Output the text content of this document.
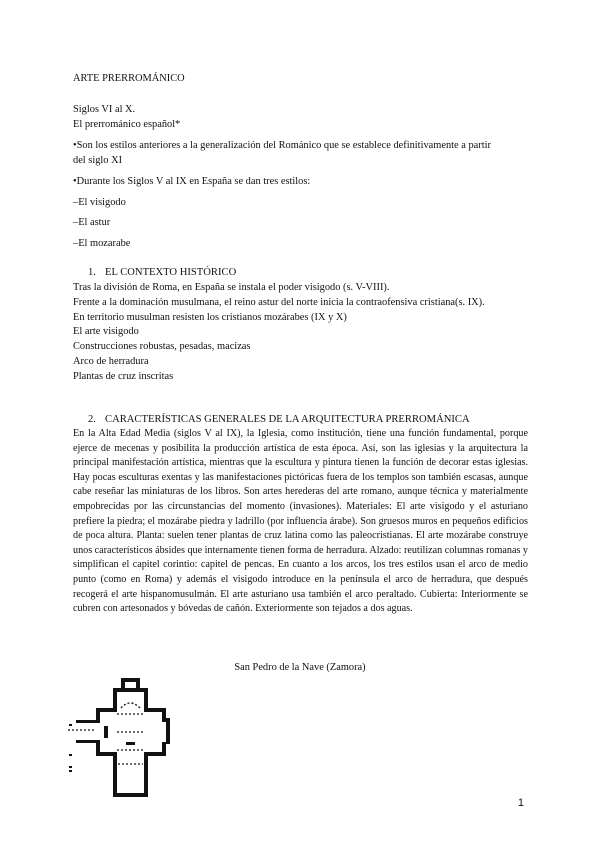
ARTE PRERROMÁNICO
Siglos VI al X.
El prerrománico español*
•Son los estilos anteriores a la generalización del Románico que se establece definitivamente a partir
del siglo XI
•Durante los Siglos V al IX en España se dan tres estilos:
–El visigodo
–El astur
–El mozarabe
1. EL CONTEXTO HISTÓRICO
Tras la división de Roma, en España se instala el poder visigodo (s. V-VIII).
Frente a la dominación musulmana, el reino astur del norte inicia la contraofensiva cristiana(s. IX).
En territorio musulman resisten los cristianos mozárabes (IX y X)
El arte visigodo
Construcciones robustas, pesadas, macizas
Arco de herradura
Plantas de cruz inscritas
2. CARACTERÍSTICAS GENERALES DE LA ARQUITECTURA PRERROMÁNICA
En la Alta Edad Media (siglos V al IX), la Iglesia, como institución, tiene una función fundamental, porque ejerce de mecenas y posibilita la producción artística de esta época. Así, son las iglesias y la arquitectura la principal manifestación artística, mientras que la escultura y pintura tienen la función de decorar estas iglesias. Hay pocas esculturas exentas y las manifestaciones pictóricas fuera de los templos son también escasas, aunque cabe reseñar las miniaturas de los libros. Son artes herederas del arte romano, aunque técnica y materialmente empobrecidas por las circunstancias del momento (invasiones). Materiales: El arte visigodo y el asturiano prefiere la piedra; el mozárabe piedra y ladrillo (por influencia árabe). Son gruesos muros en pequeños edificios de poca altura. Planta: suelen tener plantas de cruz latina como las paleocristianas. El arte mozárabe construye unos característicos ábsides que internamente tienen forma de herradura. Alzado: reutilizan columnas romanas y simplifican el capitel corintio: capitel de pencas. En cuanto a los arcos, los tres estilos usan el arco de medio punto (como en Roma) y además el visigodo introduce en la península el arco de herradura, que después recogerá el arte hispanomusulmán. El arte asturiano usa también el arco peraltado. Cubierta: Interiormente se cubren con artesonados y bóvedas de cañón. Exteriormente son tejados a dos aguas.
San Pedro de la Nave (Zamora)
1
